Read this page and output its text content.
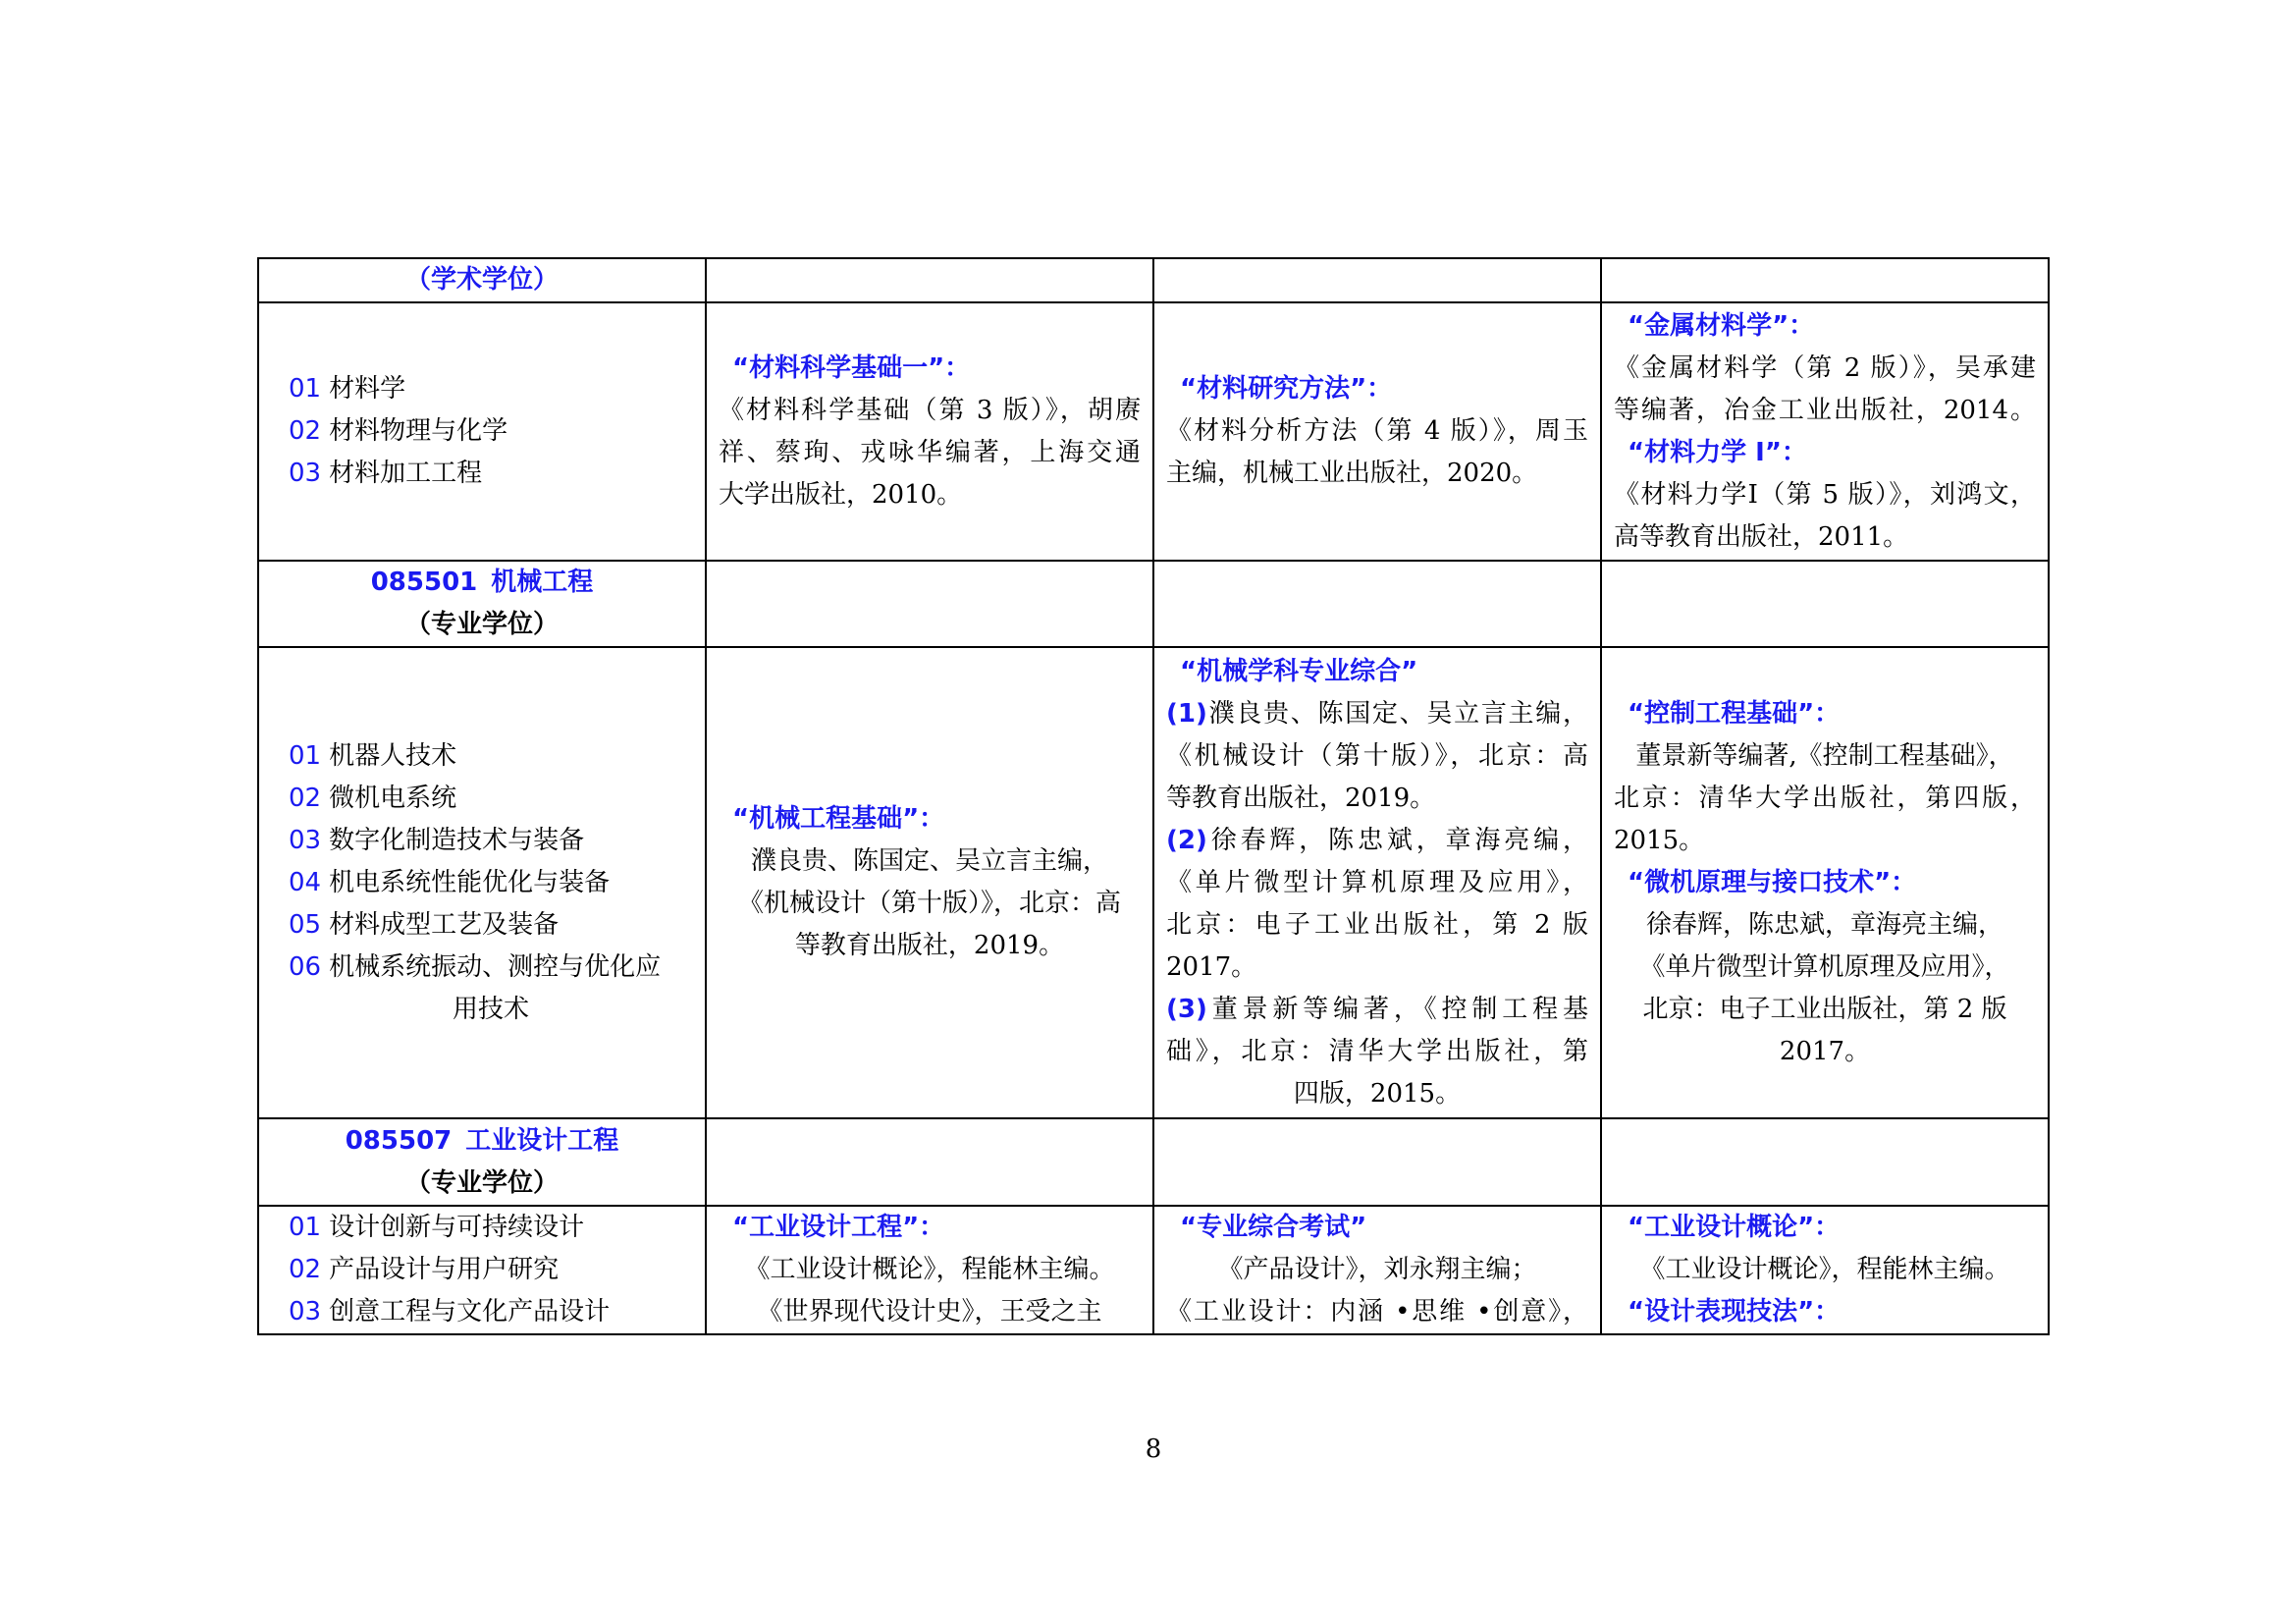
（学术学位）
01 材料学
02 材料物理与化学
03 材料加工工程
“材料科学基础一”：
《材料科学基础（第 3 版）》，胡赓
祥、蔡珣、戎咏华编著，上海交通
大学出版社，2010。
“材料研究方法”：
《材料分析方法（第 4 版）》，周玉
主编，机械工业出版社，2020。
“金属材料学”：
《金属材料学（第 2 版）》，吴承建
等编著，冶金工业出版社，2014。
“材料力学 I”：
《材料力学Ⅰ（第 5 版）》，刘鸿文，
高等教育出版社，2011。
085501 机械工程
（专业学位）
01 机器人技术
02 微机电系统
03 数字化制造技术与装备
04 机电系统性能优化与装备
05 材料成型工艺及装备
06 机械系统振动、测控与优化应
用技术
“机械工程基础”：
濮良贵、陈国定、吴立言主编，
《机械设计（第十版）》，北京：高
等教育出版社，2019。
“机械学科专业综合”
(1)濮良贵、陈国定、吴立言主编，
《机械设计（第十版）》，北京：高
等教育出版社，2019。
(2)徐春辉，陈忠斌，章海亮编，
《单片微型计算机原理及应用》，
北京：电子工业出版社，第 2 版
2017。
(3)董景新等编著，《控制工程基
础》，北京：清华大学出版社，第
四版，2015。
“控制工程基础”：
董景新等编著,《控制工程基础》，
北京：清华大学出版社，第四版，
2015。
“微机原理与接口技术”：
徐春辉，陈忠斌，章海亮主编，
《单片微型计算机原理及应用》，
北京：电子工业出版社，第 2 版
2017。
085507 工业设计工程
（专业学位）
01 设计创新与可持续设计
02 产品设计与用户研究
03 创意工程与文化产品设计
“工业设计工程”：
《工业设计概论》，程能林主编。
《世界现代设计史》，王受之主
“专业综合考试”
《产品设计》，刘永翔主编；
《工业设计：内涵 •思维 •创意》，
“工业设计概论”：
《工业设计概论》，程能林主编。
“设计表现技法”：
8
